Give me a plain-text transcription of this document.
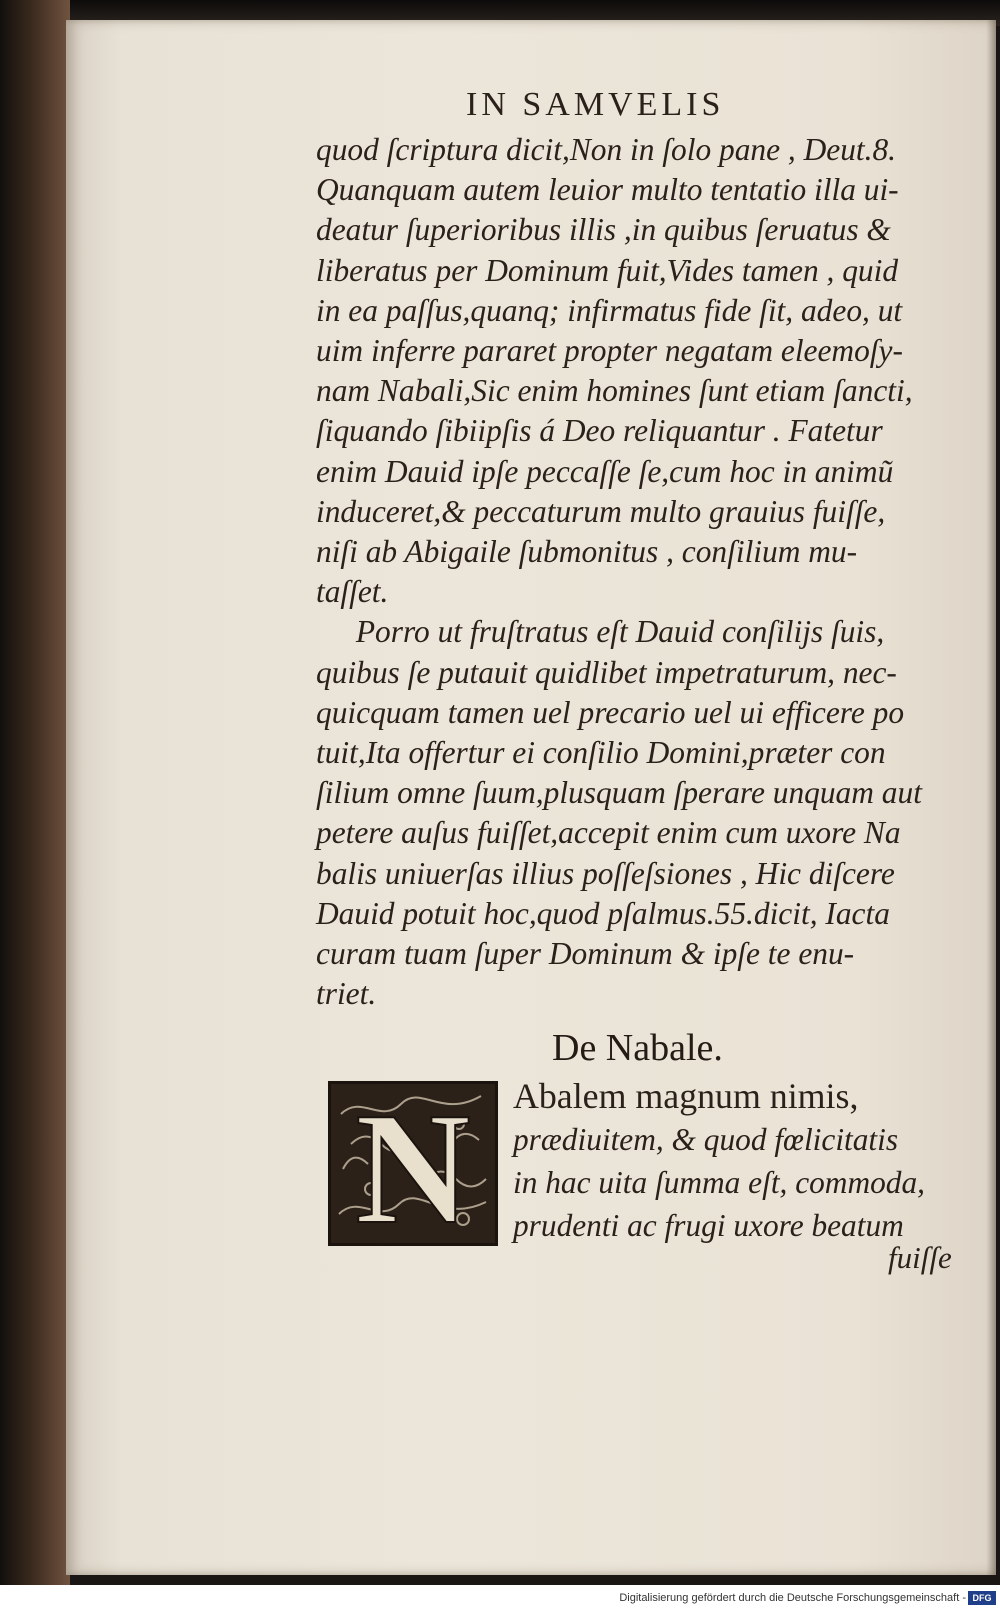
IN SAMVELIS
quod ſcriptura dicit,Non in ſolo pane , Deut.8.
Quanquam autem leuior multo tentatio illa ui-
deatur ſuperioribus illis ,in quibus ſeruatus &
liberatus per Dominum fuit,Vides tamen , quid
in ea paſſus,quanq; infirmatus fide ſit, adeo, ut
uim inferre pararet propter negatam eleemoſy-
nam Nabali,Sic enim homines ſunt etiam ſancti,
ſiquando ſibiipſis á Deo reliquantur . Fatetur
enim Dauid ipſe peccaſſe ſe,cum hoc in animũ
induceret,& peccaturum multo grauius fuiſſe,
niſi ab Abigaile ſubmonitus , conſilium mu-
taſſet.
Porro ut fruſtratus eſt Dauid conſilijs ſuis,
quibus ſe putauit quidlibet impetraturum, nec-
quicquam tamen uel precario uel ui efficere po
tuit,Ita offertur ei conſilio Domini,præter con
ſilium omne ſuum,plusquam ſperare unquam aut
petere auſus fuiſſet,accepit enim cum uxore Na
balis uniuerſas illius poſſeſsiones , Hic diſcere
Dauid potuit hoc,quod pſalmus.55.dicit, Iacta
curam tuam ſuper Dominum & ipſe te enu-
triet.
De Nabale.
N Abalem magnum nimis,
prædiuitem, & quod fœlicitatis
in hac uita ſumma eſt, commoda,
prudenti ac frugi uxore beatum
fuiſſe
Digitalisierung gefördert durch die Deutsche Forschungsgemeinschaft - DFG
